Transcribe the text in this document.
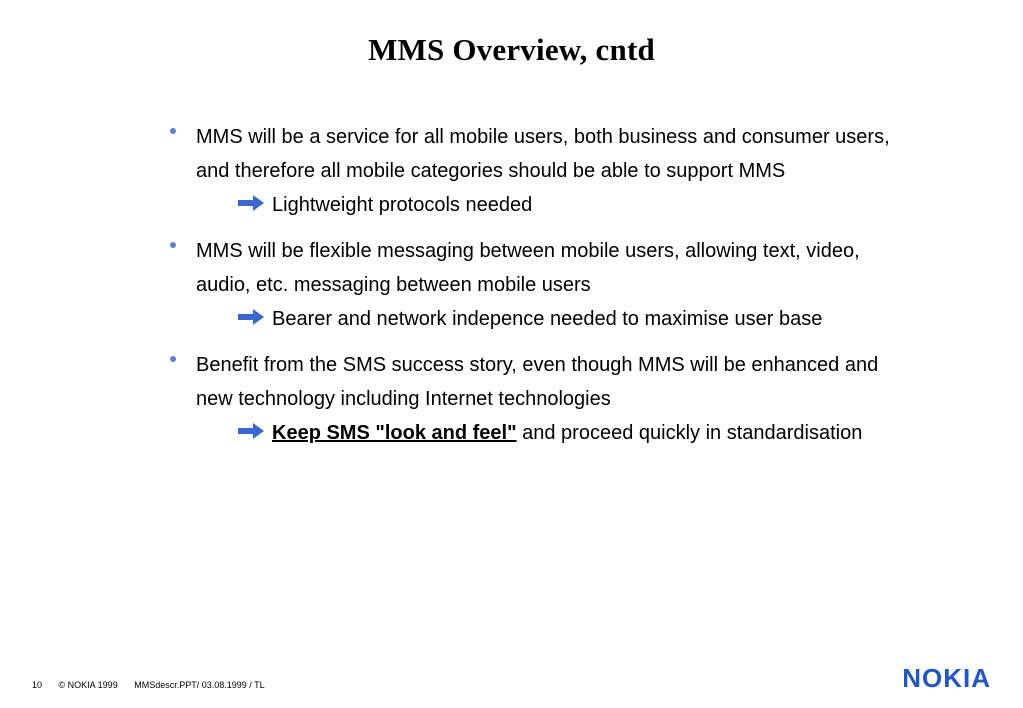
MMS Overview, cntd
MMS will be a service for all mobile users, both business and consumer users, and therefore all mobile categories should be able to support MMS
Lightweight protocols needed
MMS will be flexible messaging between mobile users, allowing text, video, audio, etc. messaging between mobile users
Bearer and network indepence needed to maximise user base
Benefit from the SMS success story, even though MMS will be enhanced and new technology including Internet technologies
Keep SMS "look and feel" and proceed quickly in standardisation
10 © NOKIA 1999 MMSdescr.PPT/ 03.08.1999 / TL	NOKIA
